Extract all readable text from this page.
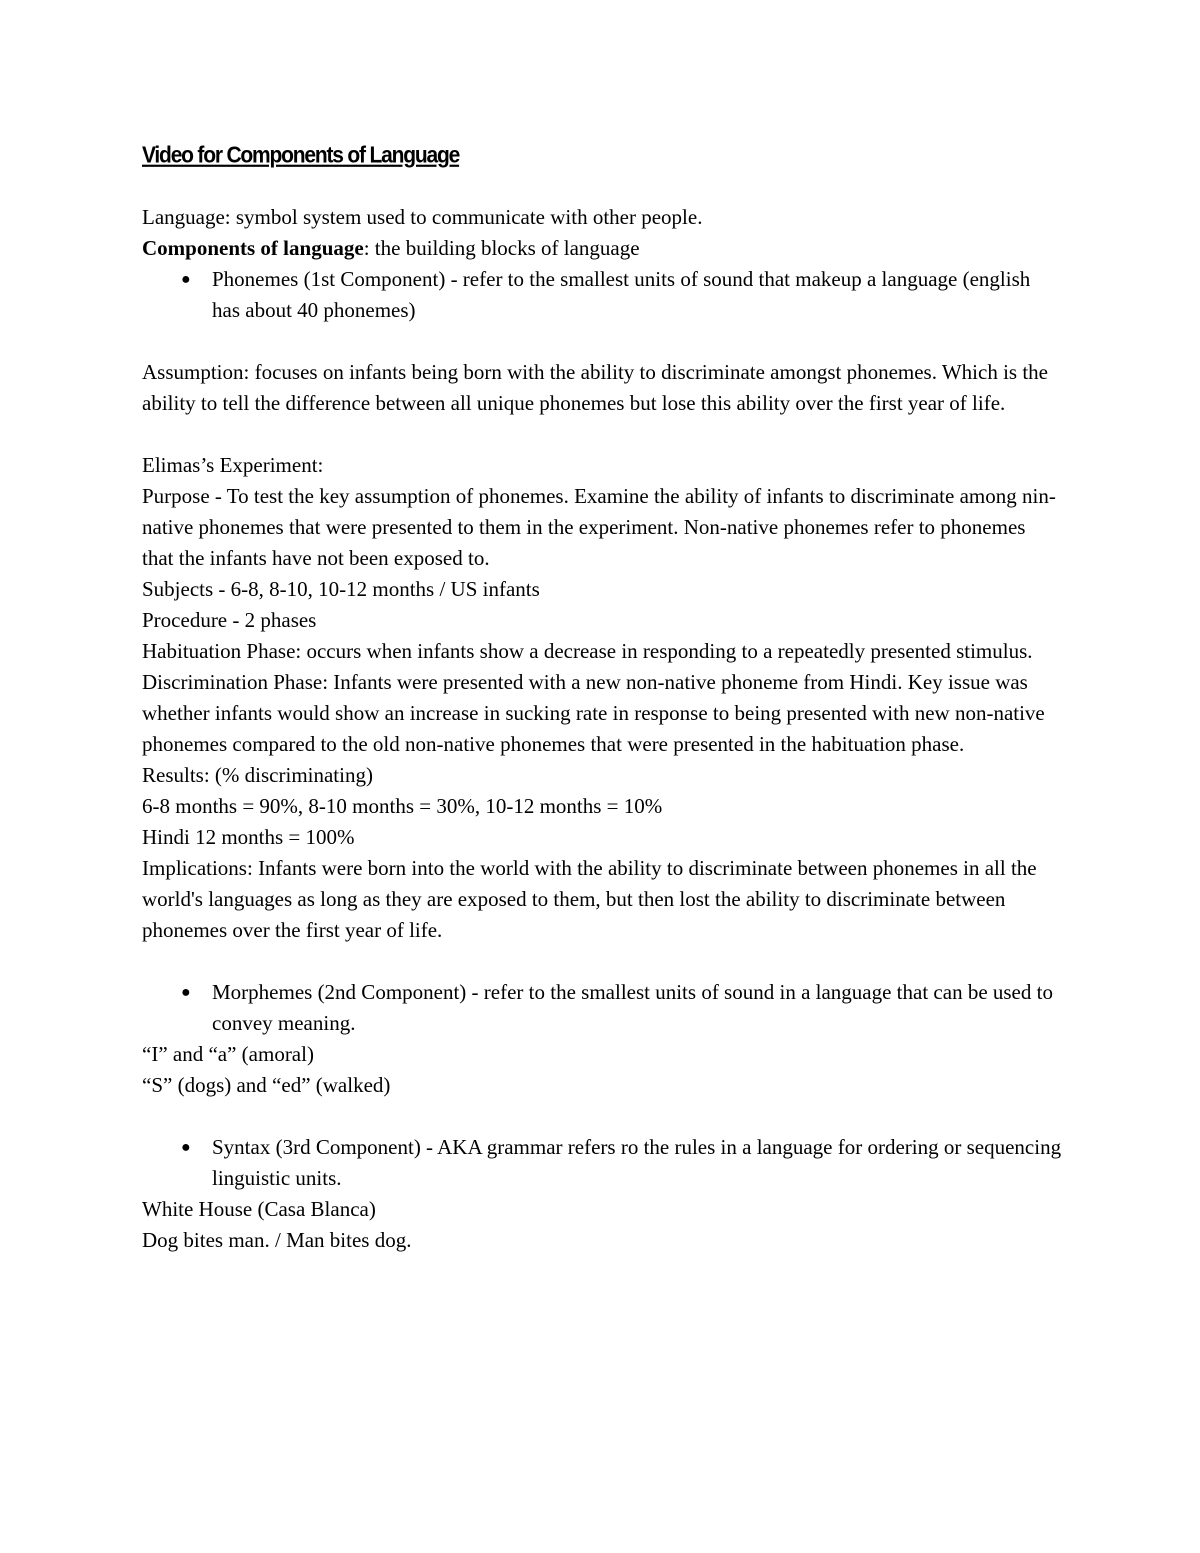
Video for Components of Language

Language: symbol system used to communicate with other people.

Components of language: the building blocks of language

● Phonemes (1st Component) - refer to the smallest units of sound that makeup a language (english has about 40 phonemes)

Assumption: focuses on infants being born with the ability to discriminate amongst phonemes. Which is the ability to tell the difference between all unique phonemes but lose this ability over the first year of life.

Elimas’s Experiment:

Purpose - To test the key assumption of phonemes. Examine the ability of infants to discriminate among nin-native phonemes that were presented to them in the experiment. Non-native phonemes refer to phonemes that the infants have not been exposed to.

Subjects - 6-8, 8-10, 10-12 months / US infants

Procedure - 2 phases

Habituation Phase: occurs when infants show a decrease in responding to a repeatedly presented stimulus.

Discrimination Phase: Infants were presented with a new non-native phoneme from Hindi. Key issue was whether infants would show an increase in sucking rate in response to being presented with new non-native phonemes compared to the old non-native phonemes that were presented in the habituation phase.

Results: (% discriminating)

6-8 months = 90%, 8-10 months = 30%, 10-12 months = 10%

Hindi 12 months = 100%

Implications: Infants were born into the world with the ability to discriminate between phonemes in all the world's languages as long as they are exposed to them, but then lost the ability to discriminate between phonemes over the first year of life.

● Morphemes (2nd Component) - refer to the smallest units of sound in a language that can be used to convey meaning.

“I” and “a” (amoral)

“S” (dogs) and “ed” (walked)

● Syntax (3rd Component) - AKA grammar refers ro the rules in a language for ordering or sequencing linguistic units.

White House (Casa Blanca)

Dog bites man. / Man bites dog.
